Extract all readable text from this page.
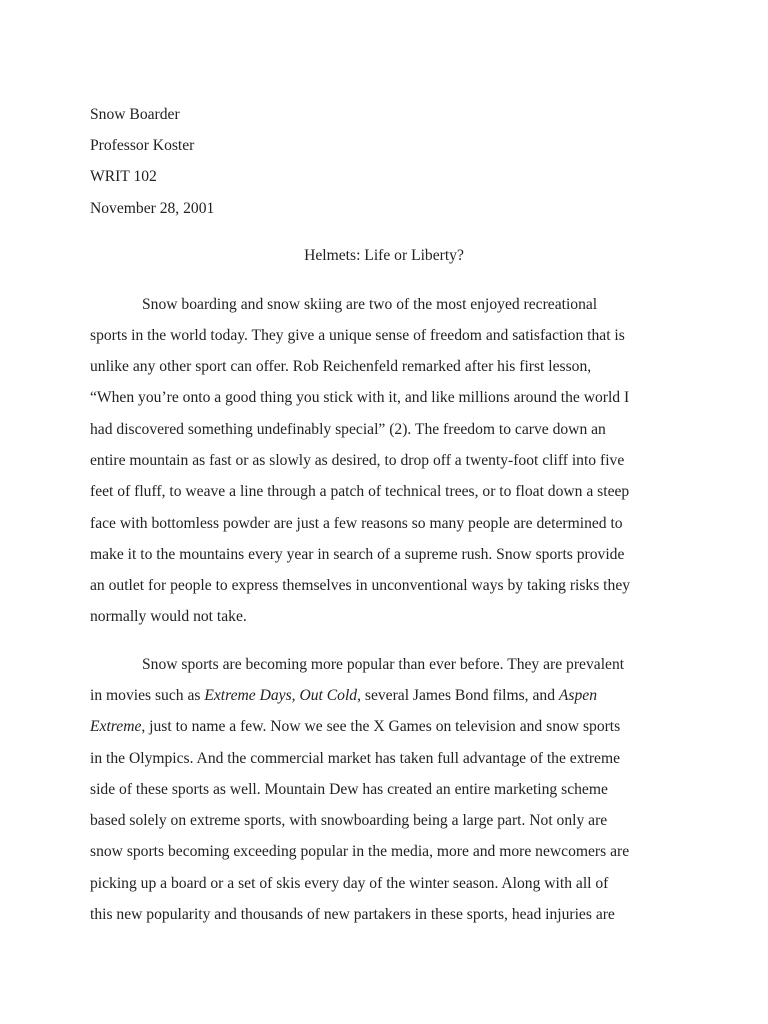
Snow Boarder
Professor Koster
WRIT 102
November 28, 2001
Helmets: Life or Liberty?
Snow boarding and snow skiing are two of the most enjoyed recreational
sports in the world today. They give a unique sense of freedom and satisfaction that is
unlike any other sport can offer. Rob Reichenfeld remarked after his first lesson,
“When you’re onto a good thing you stick with it, and like millions around the world I
had discovered something undefinably special” (2). The freedom to carve down an
entire mountain as fast or as slowly as desired, to drop off a twenty-foot cliff into five
feet of fluff, to weave a line through a patch of technical trees, or to float down a steep
face with bottomless powder are just a few reasons so many people are determined to
make it to the mountains every year in search of a supreme rush. Snow sports provide
an outlet for people to express themselves in unconventional ways by taking risks they
normally would not take.
Snow sports are becoming more popular than ever before. They are prevalent
in movies such as Extreme Days, Out Cold, several James Bond films, and Aspen
Extreme, just to name a few. Now we see the X Games on television and snow sports
in the Olympics. And the commercial market has taken full advantage of the extreme
side of these sports as well. Mountain Dew has created an entire marketing scheme
based solely on extreme sports, with snowboarding being a large part. Not only are
snow sports becoming exceeding popular in the media, more and more newcomers are
picking up a board or a set of skis every day of the winter season. Along with all of
this new popularity and thousands of new partakers in these sports, head injuries are
